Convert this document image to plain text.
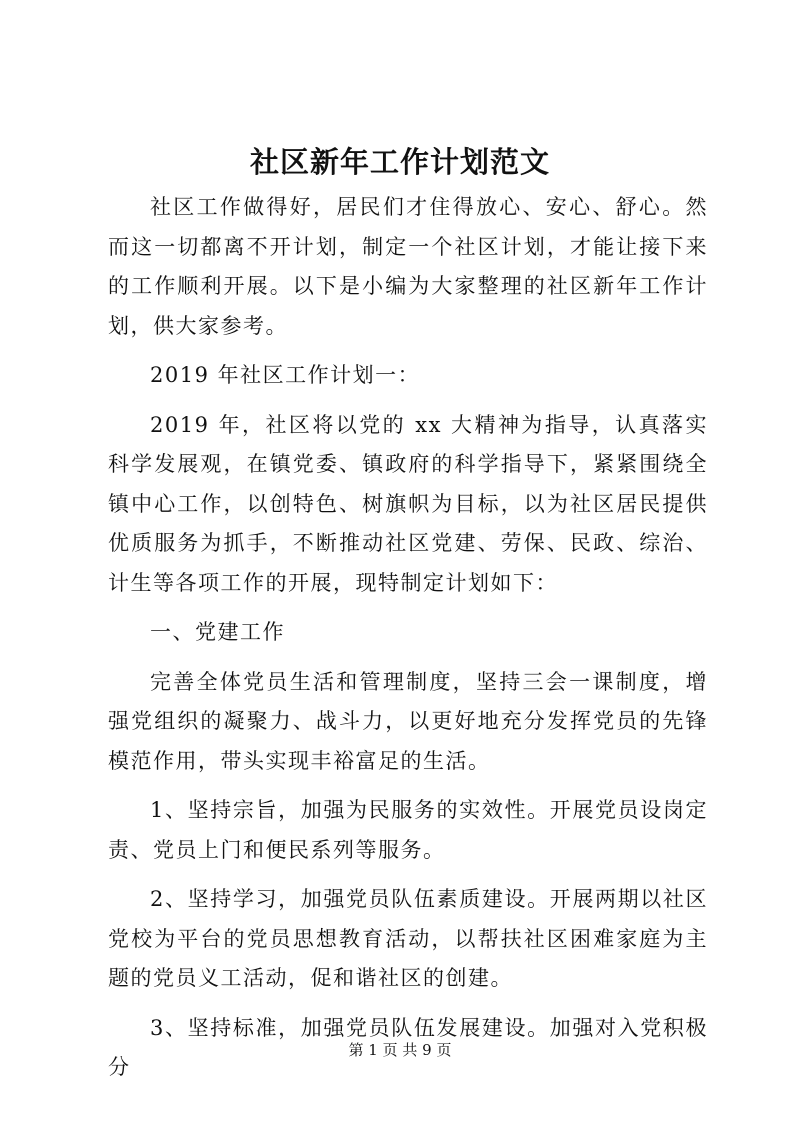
社区新年工作计划范文

社区工作做得好，居民们才住得放心、安心、舒心。然而这一切都离不开计划，制定一个社区计划，才能让接下来的工作顺利开展。以下是小编为大家整理的社区新年工作计划，供大家参考。

2019 年社区工作计划一：

2019 年，社区将以党的 xx 大精神为指导，认真落实科学发展观，在镇党委、镇政府的科学指导下，紧紧围绕全镇中心工作，以创特色、树旗帜为目标，以为社区居民提供优质服务为抓手，不断推动社区党建、劳保、民政、综治、计生等各项工作的开展，现特制定计划如下：

一、党建工作

完善全体党员生活和管理制度，坚持三会一课制度，增强党组织的凝聚力、战斗力，以更好地充分发挥党员的先锋模范作用，带头实现丰裕富足的生活。

1、坚持宗旨，加强为民服务的实效性。开展党员设岗定责、党员上门和便民系列等服务。

2、坚持学习，加强党员队伍素质建设。开展两期以社区党校为平台的党员思想教育活动，以帮扶社区困难家庭为主题的党员义工活动，促和谐社区的创建。

3、坚持标准，加强党员队伍发展建设。加强对入党积极分

第 1 页 共 9 页
